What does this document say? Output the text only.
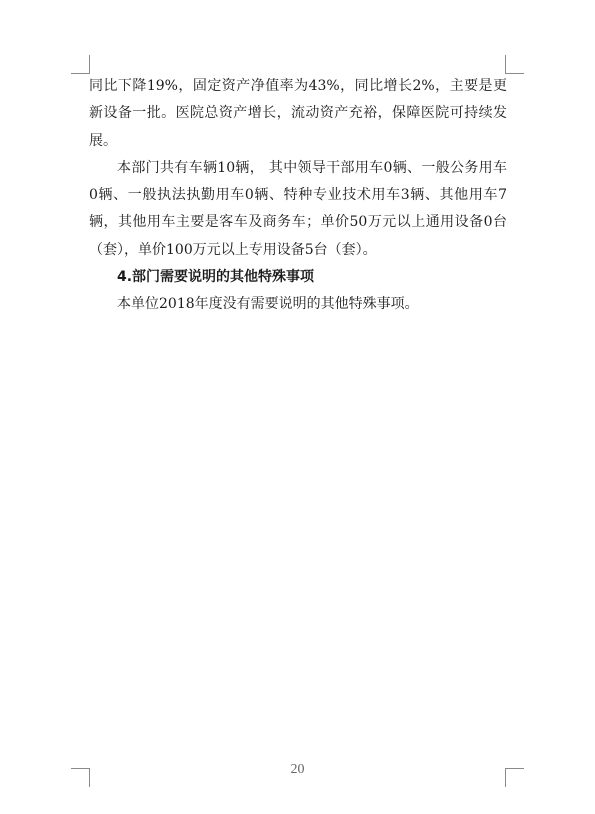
同比下降19%，固定资产净值率为43%，同比增长2%，主要是更新设备一批。医院总资产增长，流动资产充裕，保障医院可持续发展。

本部门共有车辆10辆， 其中领导干部用车0辆、一般公务用车0辆、一般执法执勤用车0辆、特种专业技术用车3辆、其他用车7辆，其他用车主要是客车及商务车；单价50万元以上通用设备0台（套），单价100万元以上专用设备5台（套）。

4.部门需要说明的其他特殊事项

本单位2018年度没有需要说明的其他特殊事项。

20
